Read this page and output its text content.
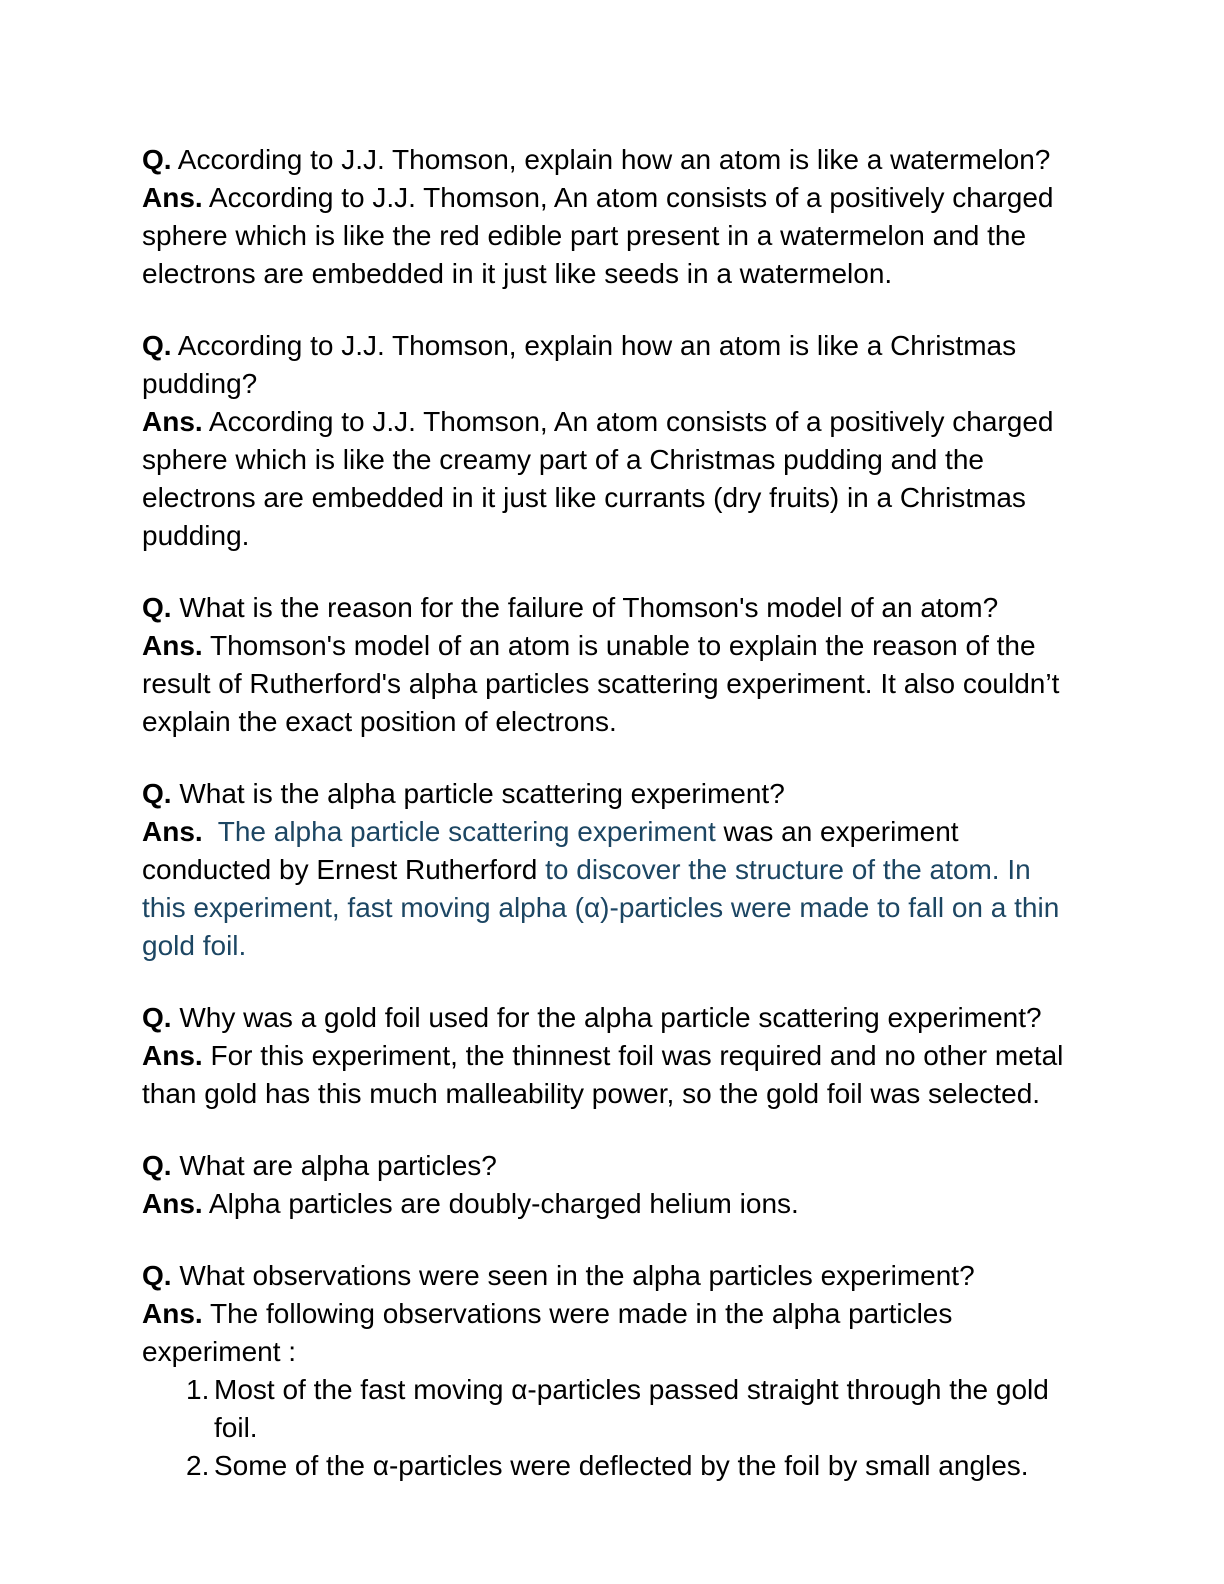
Q. According to J.J. Thomson, explain how an atom is like a watermelon?

Ans. According to J.J. Thomson, An atom consists of a positively charged sphere which is like the red edible part present in a watermelon and the electrons are embedded in it just like seeds in a watermelon.

Q. According to J.J. Thomson, explain how an atom is like a Christmas pudding?

Ans. According to J.J. Thomson, An atom consists of a positively charged sphere which is like the creamy part of a Christmas pudding and the electrons are embedded in it just like currants (dry fruits) in a Christmas pudding.

Q. What is the reason for the failure of Thomson's model of an atom?

Ans. Thomson's model of an atom is unable to explain the reason of the result of Rutherford's alpha particles scattering experiment. It also couldn’t explain the exact position of electrons.

Q. What is the alpha particle scattering experiment?

Ans.  The alpha particle scattering experiment was an experiment conducted by Ernest Rutherford to discover the structure of the atom. In this experiment, fast moving alpha (α)-particles were made to fall on a thin gold foil.

Q. Why was a gold foil used for the alpha particle scattering experiment?

Ans. For this experiment, the thinnest foil was required and no other metal than gold has this much malleability power, so the gold foil was selected.

Q. What are alpha particles?

Ans. Alpha particles are doubly-charged helium ions.

Q. What observations were seen in the alpha particles experiment?

Ans. The following observations were made in the alpha particles experiment :

1. Most of the fast moving α-particles passed straight through the gold foil.
2. Some of the α-particles were deflected by the foil by small angles.
